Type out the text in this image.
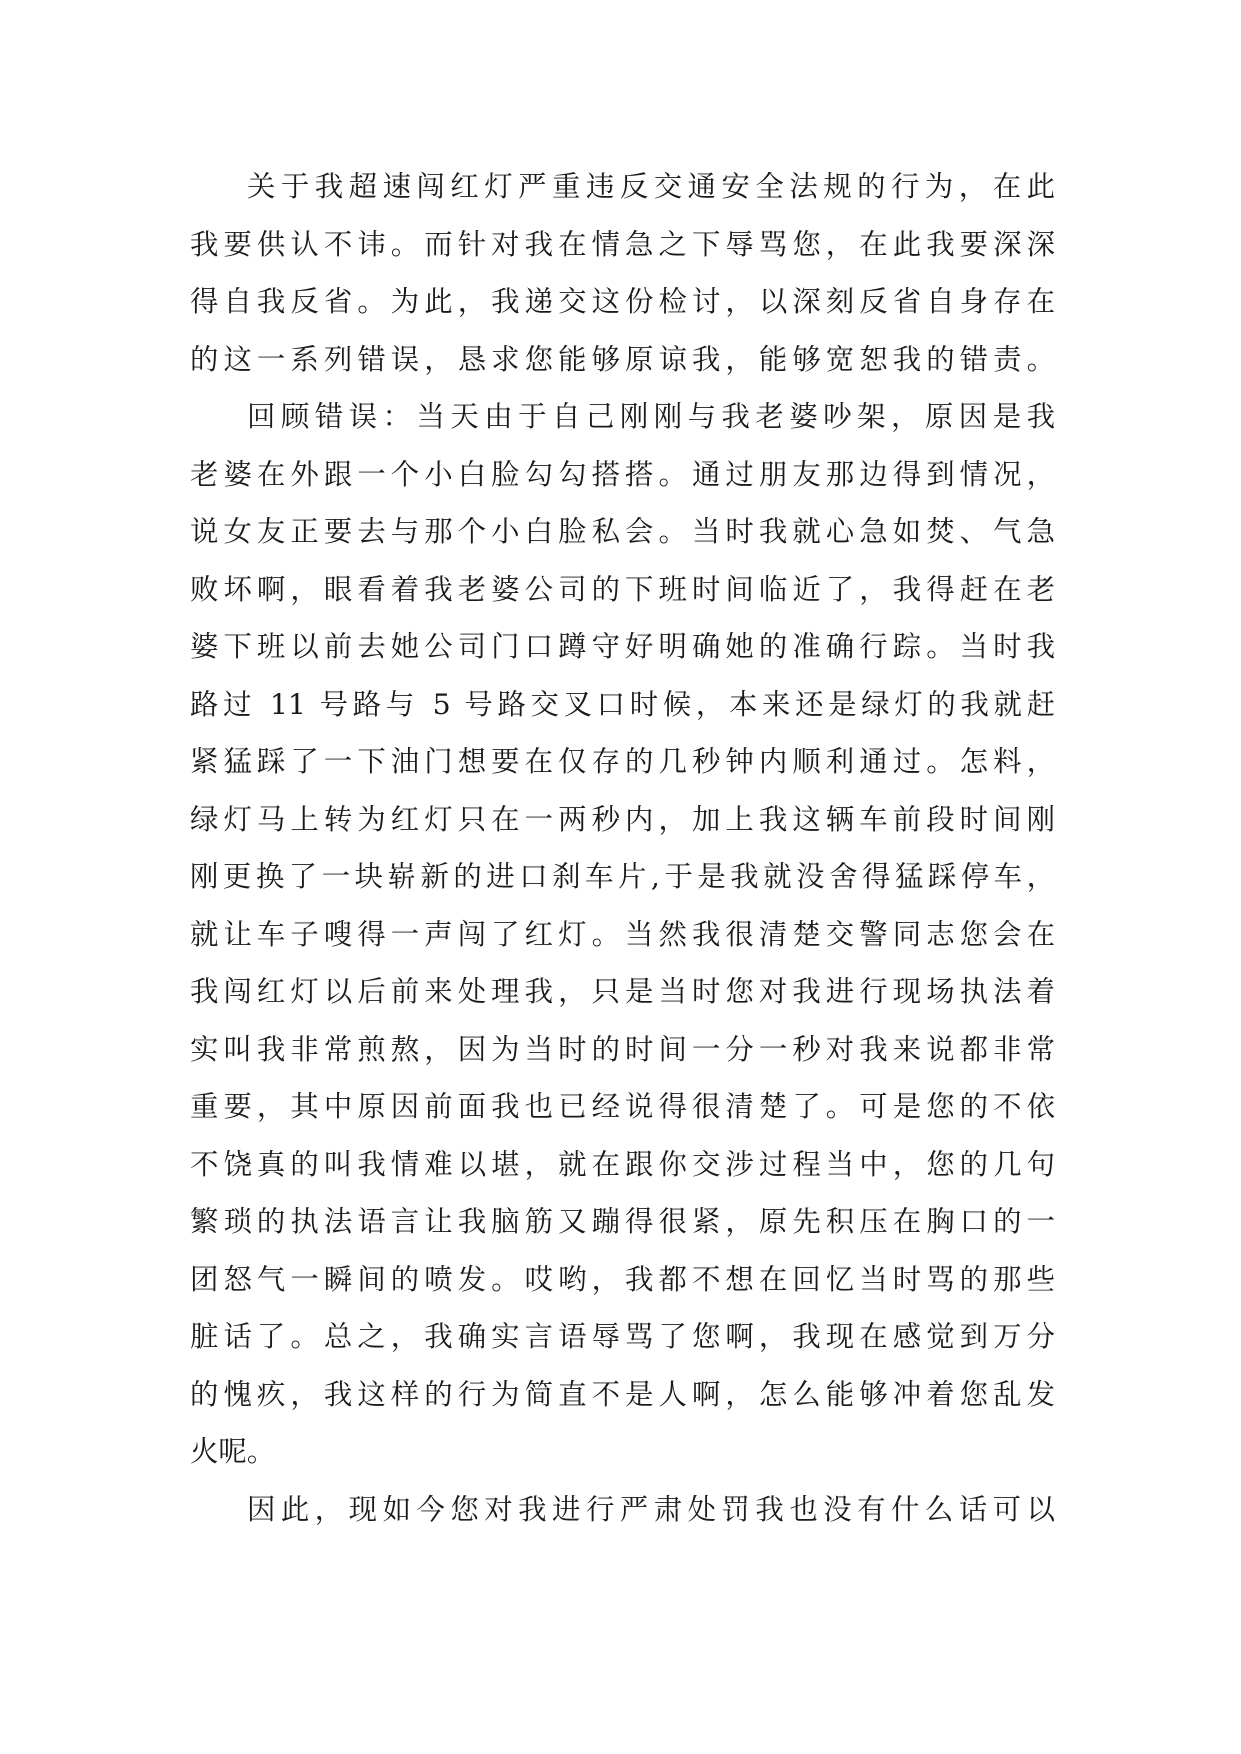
关于我超速闯红灯严重违反交通安全法规的行为，在此
我要供认不讳。而针对我在情急之下辱骂您，在此我要深深
得自我反省。为此，我递交这份检讨，以深刻反省自身存在
的这一系列错误，恳求您能够原谅我，能够宽恕我的错责。
回顾错误：当天由于自己刚刚与我老婆吵架，原因是我
老婆在外跟一个小白脸勾勾搭搭。通过朋友那边得到情况，
说女友正要去与那个小白脸私会。当时我就心急如焚、气急
败坏啊，眼看着我老婆公司的下班时间临近了，我得赶在老
婆下班以前去她公司门口蹲守好明确她的准确行踪。当时我
路过 11 号路与 5 号路交叉口时候，本来还是绿灯的我就赶
紧猛踩了一下油门想要在仅存的几秒钟内顺利通过。怎料，
绿灯马上转为红灯只在一两秒内，加上我这辆车前段时间刚
刚更换了一块崭新的进口刹车片,于是我就没舍得猛踩停车，
就让车子嗖得一声闯了红灯。当然我很清楚交警同志您会在
我闯红灯以后前来处理我，只是当时您对我进行现场执法着
实叫我非常煎熬，因为当时的时间一分一秒对我来说都非常
重要，其中原因前面我也已经说得很清楚了。可是您的不依
不饶真的叫我情难以堪，就在跟你交涉过程当中，您的几句
繁琐的执法语言让我脑筋又蹦得很紧，原先积压在胸口的一
团怒气一瞬间的喷发。哎哟，我都不想在回忆当时骂的那些
脏话了。总之，我确实言语辱骂了您啊，我现在感觉到万分
的愧疚，我这样的行为简直不是人啊，怎么能够冲着您乱发
火呢。
因此，现如今您对我进行严肃处罚我也没有什么话可以
